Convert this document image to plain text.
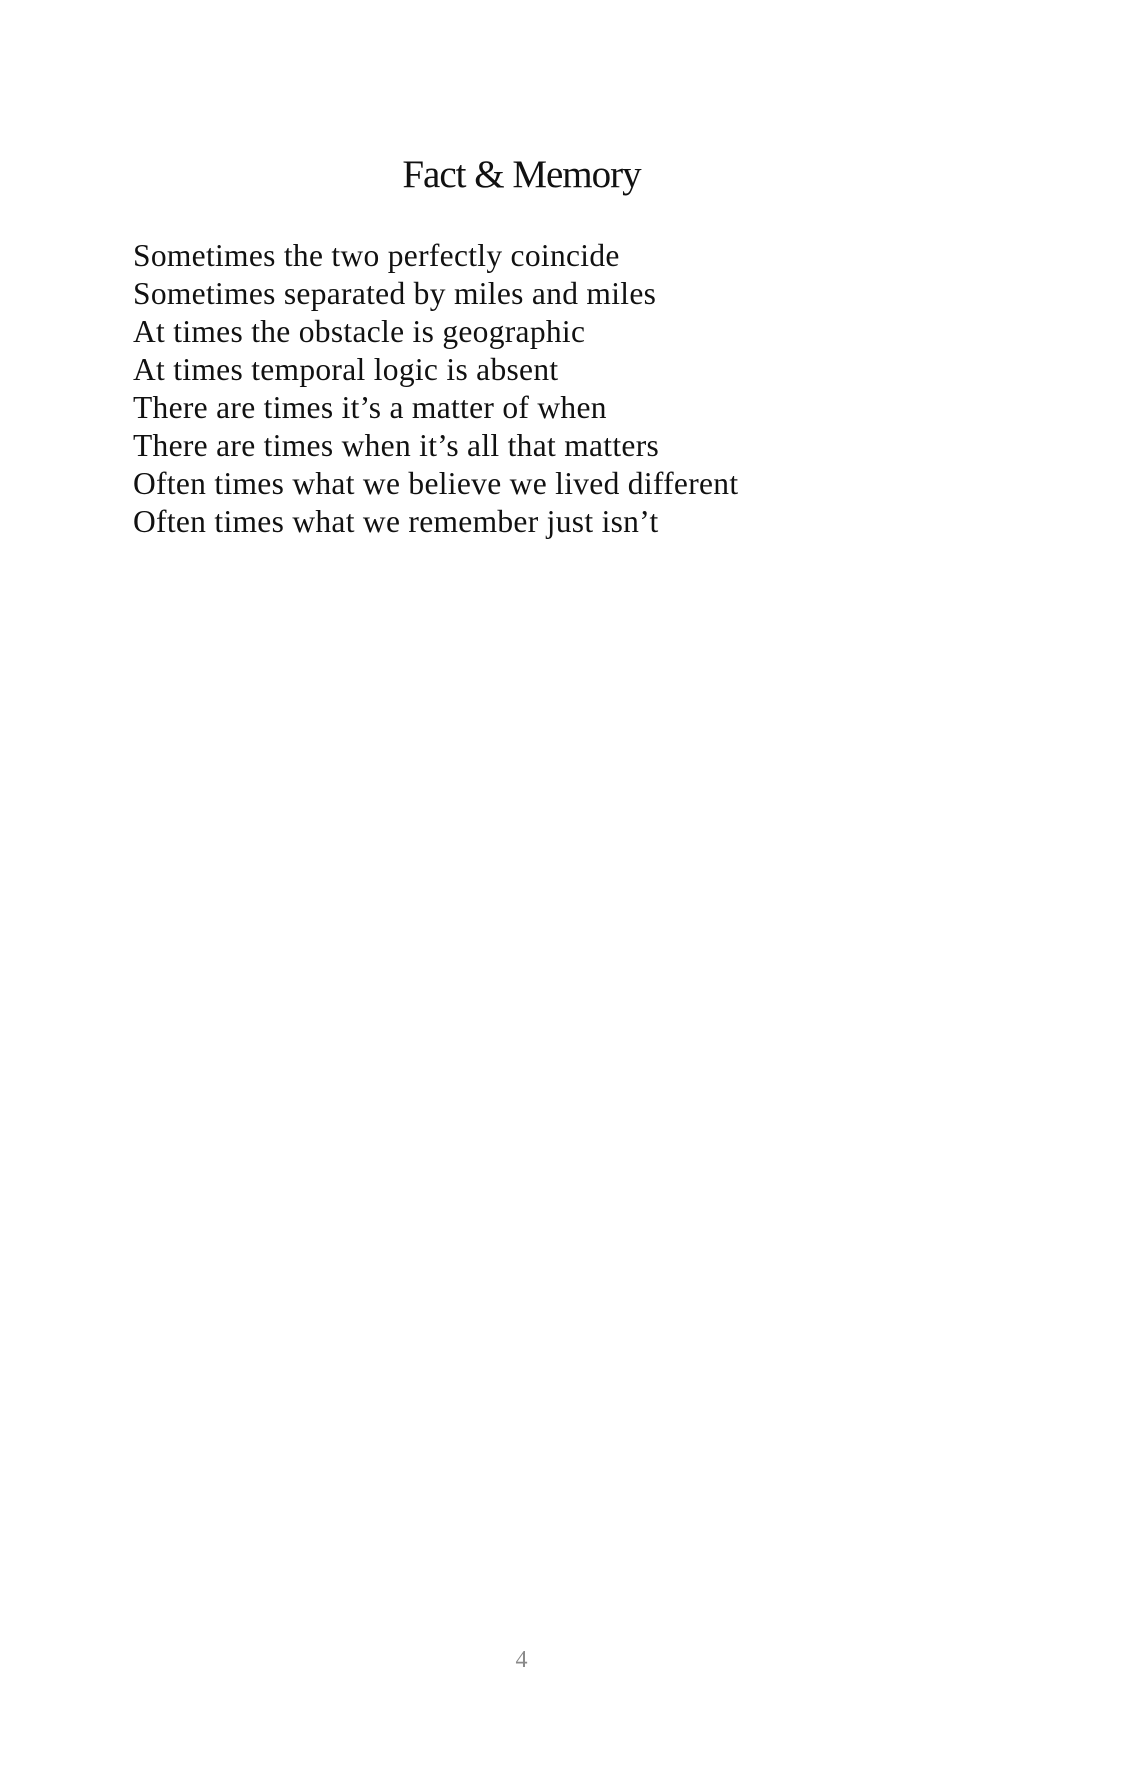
Fact & Memory
Sometimes the two perfectly coincide
Sometimes separated by miles and miles
At times the obstacle is geographic
At times temporal logic is absent
There are times it’s a matter of when
There are times when it’s all that matters
Often times what we believe we lived different
Often times what we remember just isn’t
4
